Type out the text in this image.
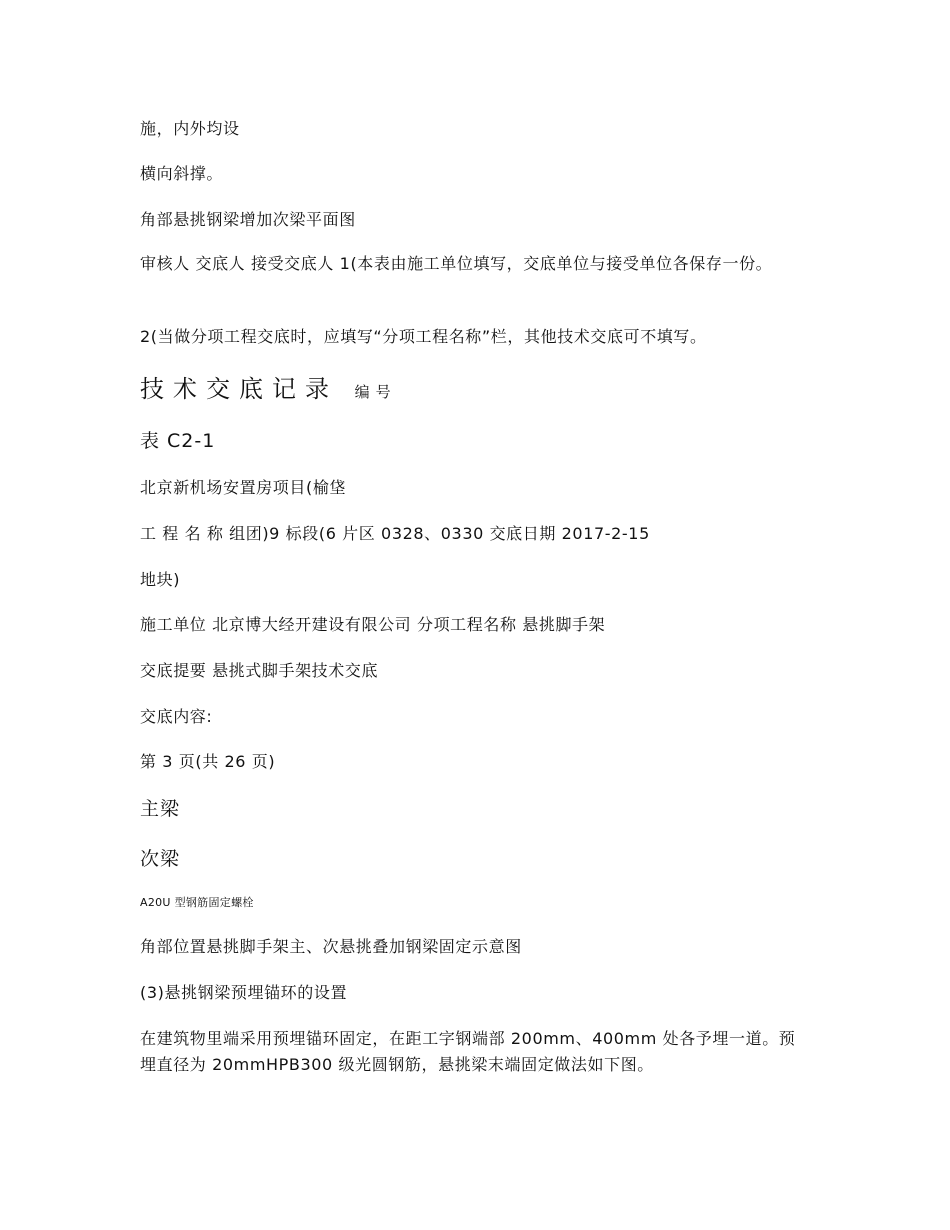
施，内外均设
横向斜撑。
角部悬挑钢梁增加次梁平面图
审核人 交底人 接受交底人 1(本表由施工单位填写，交底单位与接受单位各保存一份。
2(当做分项工程交底时，应填写“分项工程名称”栏，其他技术交底可不填写。
技术交底记录 编号
表 C2-1
北京新机场安置房项目(榆垡
工 程 名 称 组团)9 标段(6 片区 0328、0330 交底日期 2017-2-15
地块)
施工单位 北京博大经开建设有限公司 分项工程名称 悬挑脚手架
交底提要 悬挑式脚手架技术交底
交底内容:
第 3 页(共 26 页)
主梁
次梁
A20U 型钢筋固定螺栓
角部位置悬挑脚手架主、次悬挑叠加钢梁固定示意图
(3)悬挑钢梁预埋锚环的设置
在建筑物里端采用预埋锚环固定，在距工字钢端部 200mm、400mm 处各予埋一道。预埋直径为 20mmHPB300 级光圆钢筋，悬挑梁末端固定做法如下图。
